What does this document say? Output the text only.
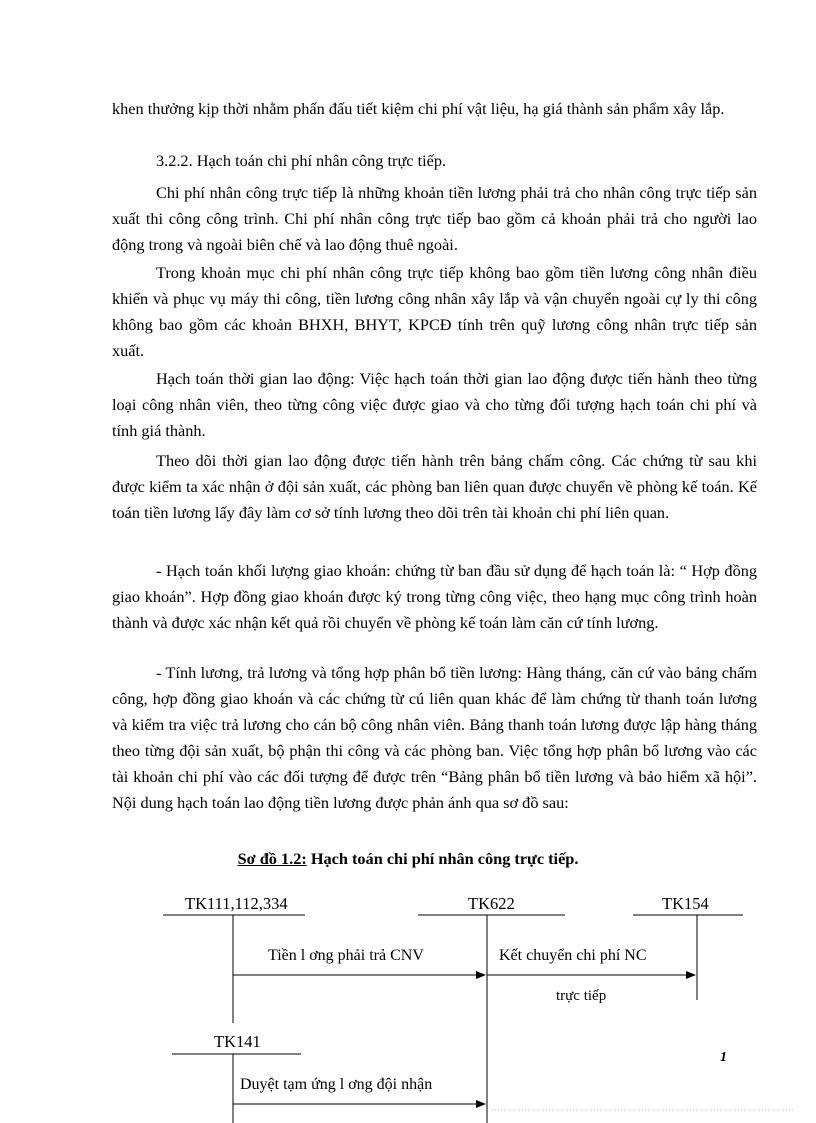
khen thưởng kịp thời nhằm phấn đấu tiết kiệm chi phí vật liệu, hạ giá thành sản phẩm xây lắp.

3.2.2. Hạch toán chi phí nhân công trực tiếp.

Chi phí nhân công trực tiếp là những khoản tiền lương phải trả cho nhân công trực tiếp sản xuất thi công công trình. Chi phí nhân công trực tiếp bao gồm cả khoản phải trả cho người lao động trong và ngoài biên chế và lao động thuê ngoài.

Trong khoản mục chi phí nhân công trực tiếp không bao gồm tiền lương công nhân điều khiển và phục vụ máy thi công, tiền lương công nhân xây lắp và vận chuyển ngoài cự ly thi công không bao gồm các khoản BHXH, BHYT, KPCĐ tính trên quỹ lương công nhân trực tiếp sản xuất.

Hạch toán thời gian lao động: Việc hạch toán thời gian lao động được tiến hành theo từng loại công nhân viên, theo từng công việc được giao và cho từng đối tượng hạch toán chi phí và tính giá thành.

Theo dõi thời gian lao động được tiến hành trên bảng chấm công. Các chứng từ sau khi được kiểm ta xác nhận ở đội sản xuất, các phòng ban liên quan được chuyển về phòng kế toán. Kế toán tiền lương lấy đây làm cơ sở tính lương theo dõi trên tài khoản chi phí liên quan.

- Hạch toán khối lượng giao khoán: chứng từ ban đầu sử dụng để hạch toán là: “ Hợp đồng giao khoán”. Hợp đồng giao khoán được ký trong từng công việc, theo hạng mục công trình hoàn thành và được xác nhận kết quả rồi chuyển về phòng kế toán làm căn cứ tính lương.

- Tính lương, trả lương và tổng hợp phân bổ tiền lương: Hàng tháng, căn cứ vào bảng chấm công, hợp đồng giao khoán và các chứng từ cú liên quan khác để làm chứng từ thanh toán lương và kiểm tra việc trả lương cho cán bộ công nhân viên. Bảng thanh toán lương được lập hàng tháng theo từng đội sản xuất, bộ phận thi công và các phòng ban. Việc tổng hợp phân bổ lương vào các tài khoản chi phí vào các đối tượng để được trên “Bảng phân bổ tiền lương và bảo hiểm xã hội”. Nội dung hạch toán lao động tiền lương được phản ánh qua sơ đồ sau:

Sơ đồ 1.2: Hạch toán chi phí nhân công trực tiếp.
TK111,112,334	TK622	TK154
TK141
Tiền l ơng phải trả CNV	Kết chuyển chi phí NC
trực tiếp
Duyệt tạm ứng l ơng đội nhận
1
